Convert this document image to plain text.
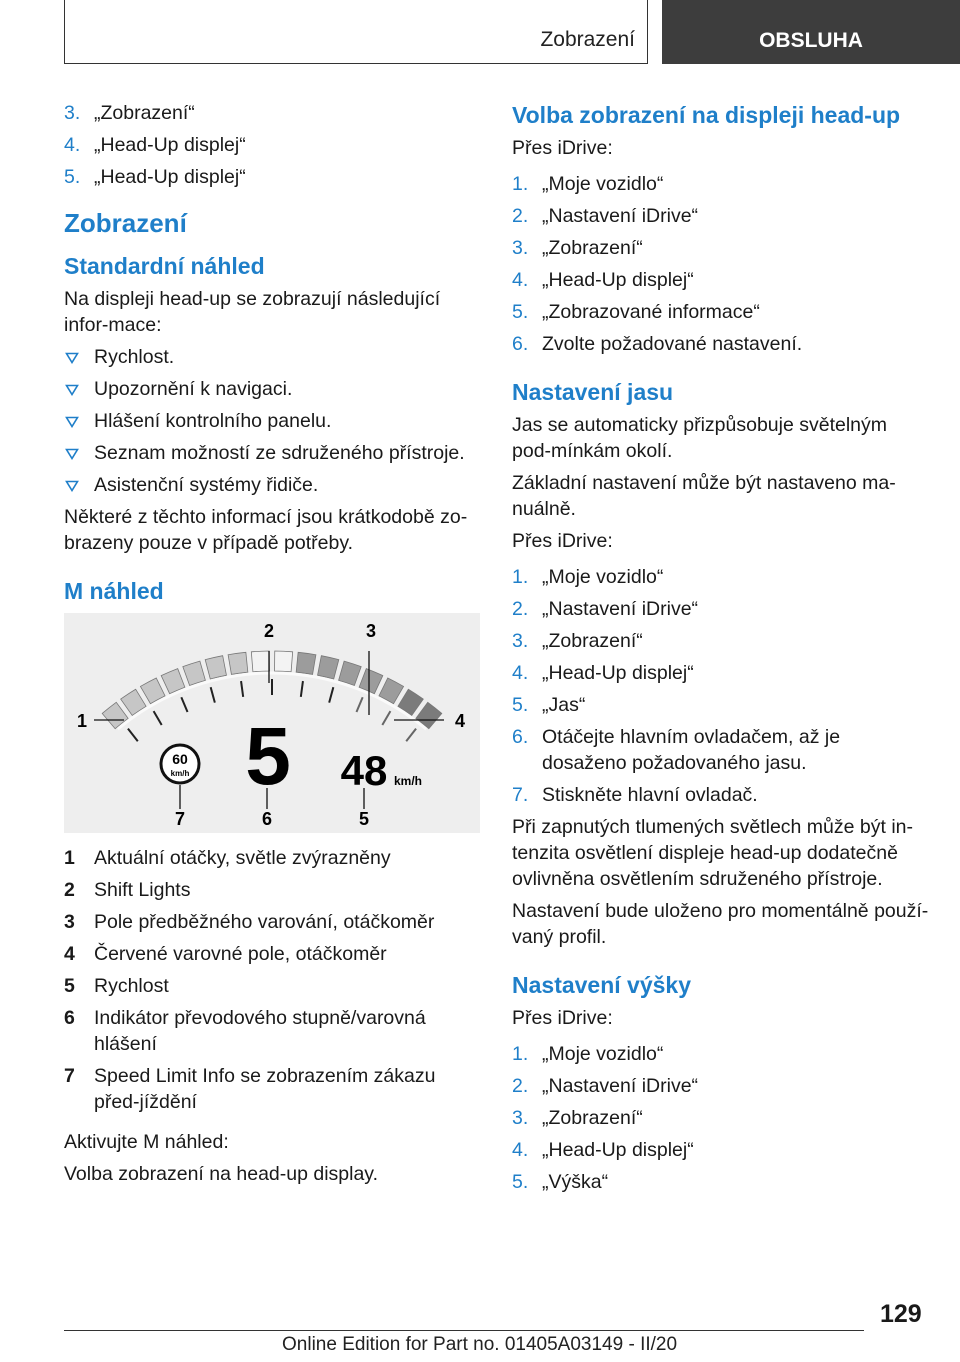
Zobrazení	OBSLUHA
3. „Zobrazení“
4. „Head-Up displej“
5. „Head-Up displej“
Zobrazení
Standardní náhled

Na displeji head-up se zobrazují následující infor-mace:

Rychlost.
Upozornění k navigaci.
Hlášení kontrolního panelu.
Seznam možností ze sdruženého přístroje.
Asistenční systémy řidiče.

Některé z těchto informací jsou krátkodobě zo-brazeny pouze v případě potřeby.

M náhled
60
km/h 5 48 km/h
1
2	3
4
5
6
7
1 Aktuální otáčky, světle zvýrazněny
2 Shift Lights
3 Pole předběžného varování, otáčkoměr
4 Červené varovné pole, otáčkoměr
5 Rychlost
6 Indikátor převodového stupně/varovná hlášení
7 Speed Limit Info se zobrazením zákazu před-jíždění

Aktivujte M náhled:

Volba zobrazení na head-up display.

Volba zobrazení na displeji head-up

Přes iDrive:

1. „Moje vozidlo“
2. „Nastavení iDrive“
3. „Zobrazení“
4. „Head-Up displej“
5. „Zobrazované informace“
6. Zvolte požadované nastavení.
Nastavení jasu

Jas se automaticky přizpůsobuje světelným pod-mínkám okolí.

Základní nastavení může být nastaveno ma-nuálně.

Přes iDrive:

1. „Moje vozidlo“
2. „Nastavení iDrive“
3. „Zobrazení“
4. „Head-Up displej“
5. „Jas“
6. Otáčejte hlavním ovladačem, až je dosaženo požadovaného jasu.
7. Stiskněte hlavní ovladač.

Při zapnutých tlumených světlech může být in-tenzita osvětlení displeje head-up dodatečně ovlivněna osvětlením sdruženého přístroje.

Nastavení bude uloženo pro momentálně použí-vaný profil.

Nastavení výšky

Přes iDrive:

1. „Moje vozidlo“
2. „Nastavení iDrive“
3. „Zobrazení“
4. „Head-Up displej“
5. „Výška“
129
Online Edition for Part no. 01405A03149 - II/20
